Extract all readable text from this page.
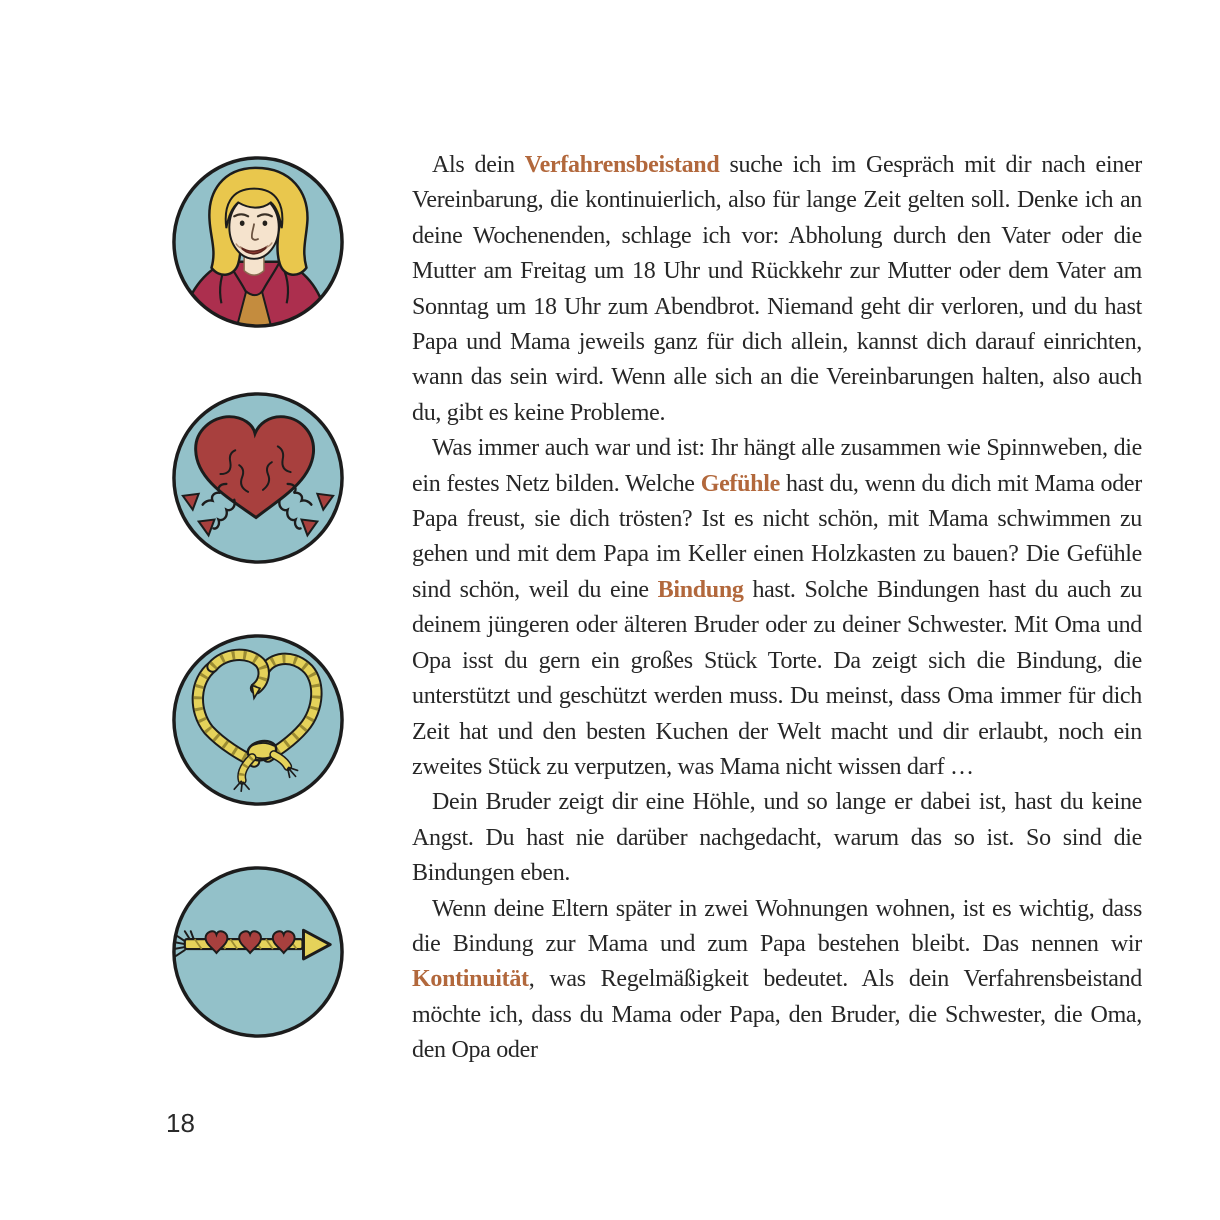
Als dein Verfahrensbeistand suche ich im Gespräch mit dir nach einer Vereinbarung, die kontinuierlich, also für lange Zeit gelten soll. Denke ich an deine Wochenenden, schlage ich vor: Abholung durch den Vater oder die Mutter am Freitag um 18 Uhr und Rückkehr zur Mutter oder dem Vater am Sonntag um 18 Uhr zum Abendbrot. Niemand geht dir verloren, und du hast Papa und Mama jeweils ganz für dich allein, kannst dich darauf einrichten, wann das sein wird. Wenn alle sich an die Vereinbarungen halten, also auch du, gibt es keine Probleme.

Was immer auch war und ist: Ihr hängt alle zusammen wie Spinnweben, die ein festes Netz bilden. Welche Gefühle hast du, wenn du dich mit Mama oder Papa freust, sie dich trösten? Ist es nicht schön, mit Mama schwimmen zu gehen und mit dem Papa im Keller einen Holzkasten zu bauen? Die Gefühle sind schön, weil du eine Bindung hast. Solche Bindungen hast du auch zu deinem jüngeren oder älteren Bruder oder zu deiner Schwester. Mit Oma und Opa isst du gern ein großes Stück Torte. Da zeigt sich die Bindung, die unterstützt und geschützt werden muss. Du meinst, dass Oma immer für dich Zeit hat und den besten Kuchen der Welt macht und dir erlaubt, noch ein zweites Stück zu verputzen, was Mama nicht wissen darf …

Dein Bruder zeigt dir eine Höhle, und so lange er dabei ist, hast du keine Angst. Du hast nie darüber nachgedacht, warum das so ist. So sind die Bindungen eben.

Wenn deine Eltern später in zwei Wohnungen wohnen, ist es wichtig, dass die Bindung zur Mama und zum Papa bestehen bleibt. Das nennen wir Kontinuität, was Regelmäßigkeit bedeutet. Als dein Verfahrensbeistand möchte ich, dass du Mama oder Papa, den Bruder, die Schwester, die Oma, den Opa oder

18
